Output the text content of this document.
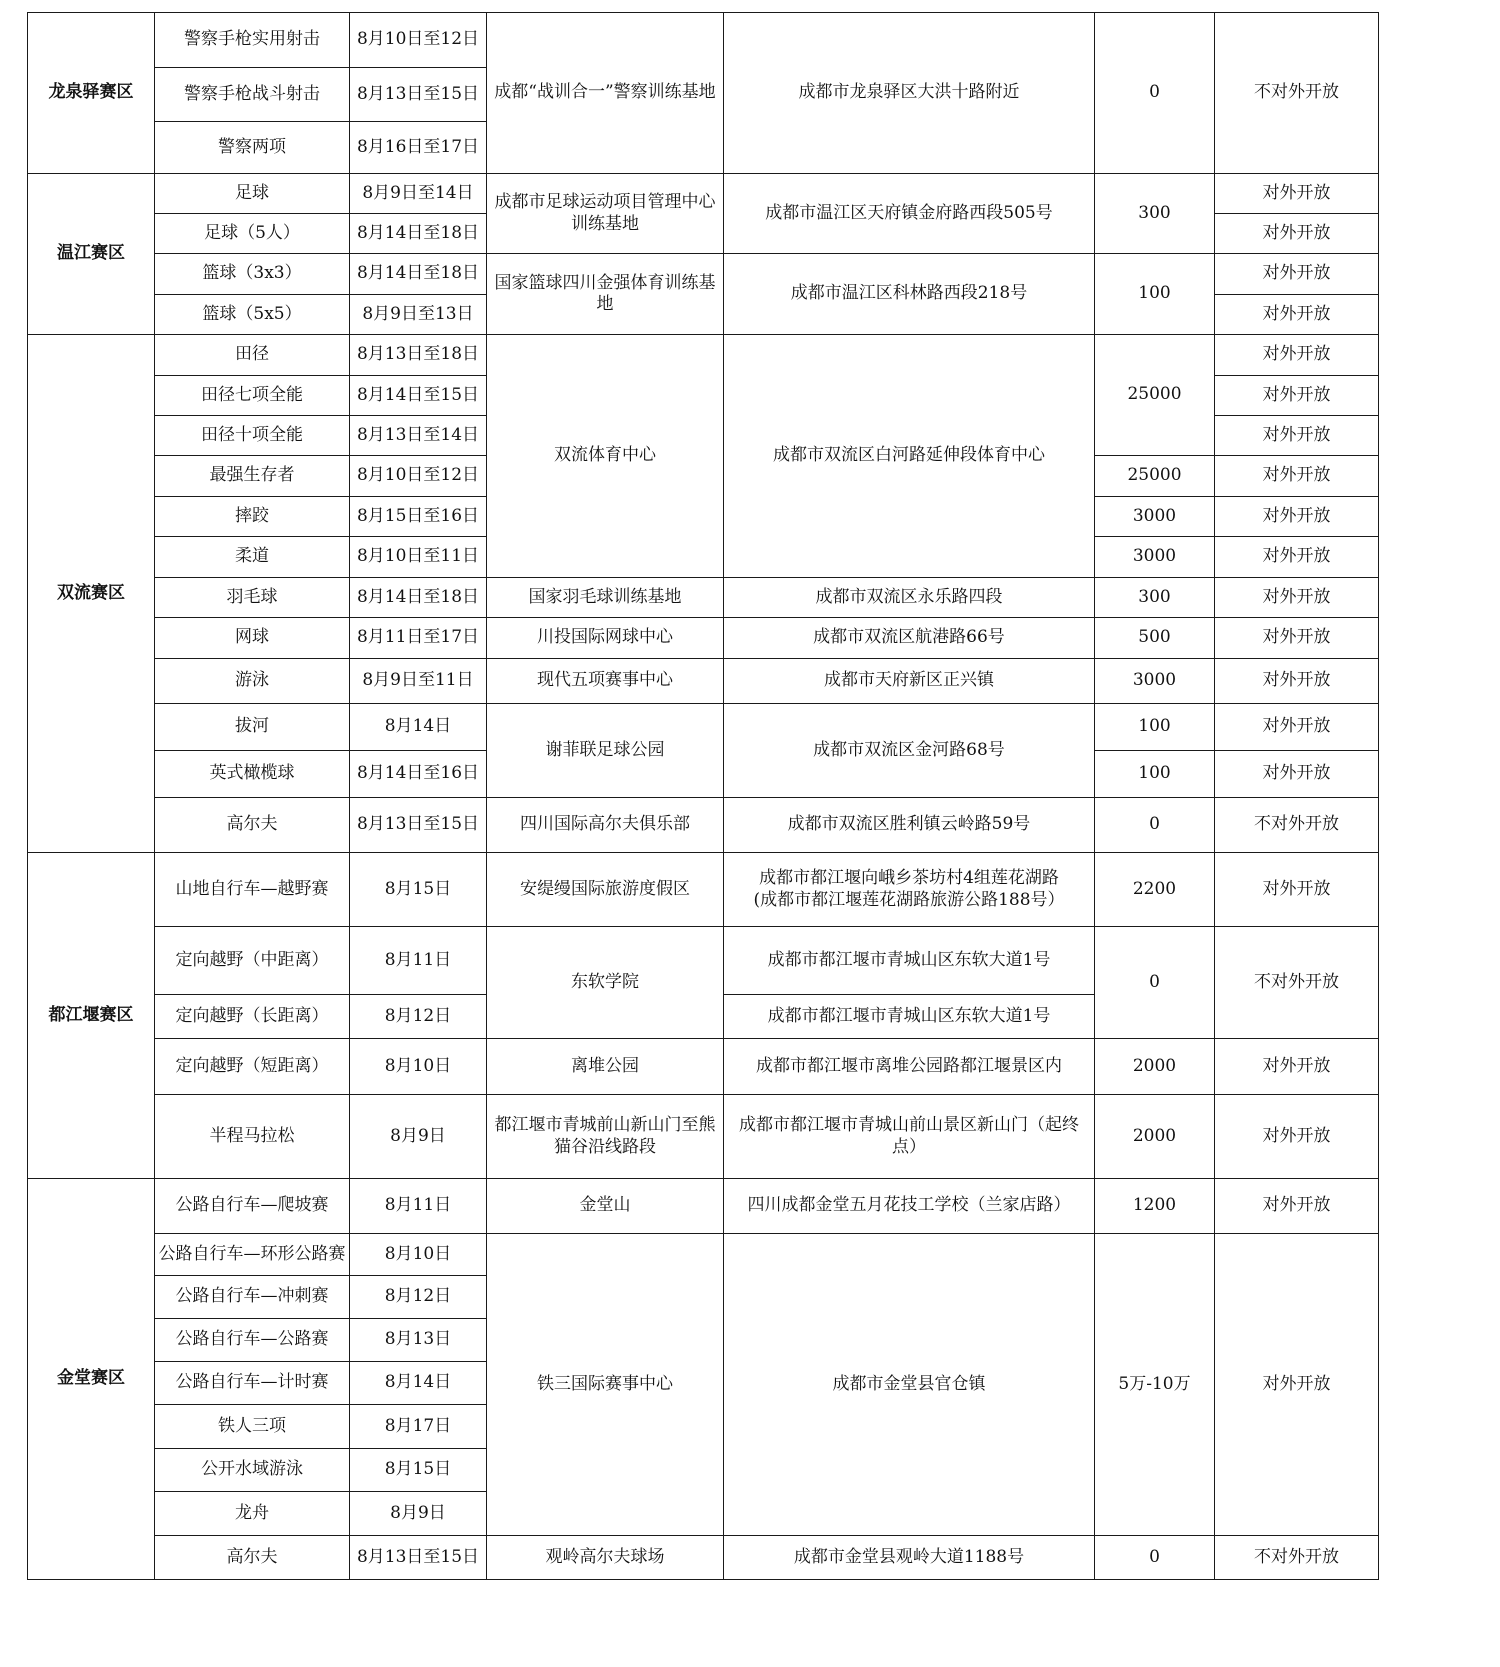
龙泉驿赛区	警察手枪实用射击	8月10日至12日	成都“战训合一”警察训练基地	成都市龙泉驿区大洪十路附近	0	不对外开放
	警察手枪战斗射击	8月13日至15日				
	警察两项	8月16日至17日				
温江赛区	足球	8月9日至14日	成都市足球运动项目管理中心训练基地	成都市温江区天府镇金府路西段505号	300	对外开放
	足球（5人）	8月14日至18日				对外开放
	篮球（3x3）	8月14日至18日	国家篮球四川金强体育训练基地	成都市温江区科林路西段218号	100	对外开放
	篮球（5x5）	8月9日至13日				对外开放
双流赛区	田径	8月13日至18日	双流体育中心	成都市双流区白河路延伸段体育中心	25000	对外开放
	田径七项全能	8月14日至15日				对外开放
	田径十项全能	8月13日至14日				对外开放
	最强生存者	8月10日至12日			25000	对外开放
	摔跤	8月15日至16日			3000	对外开放
	柔道	8月10日至11日			3000	对外开放
	羽毛球	8月14日至18日	国家羽毛球训练基地	成都市双流区永乐路四段	300	对外开放
	网球	8月11日至17日	川投国际网球中心	成都市双流区航港路66号	500	对外开放
	游泳	8月9日至11日	现代五项赛事中心	成都市天府新区正兴镇	3000	对外开放
	拔河	8月14日	谢菲联足球公园	成都市双流区金河路68号	100	对外开放
	英式橄榄球	8月14日至16日			100	对外开放
	高尔夫	8月13日至15日	四川国际高尔夫俱乐部	成都市双流区胜利镇云岭路59号	0	不对外开放
都江堰赛区	山地自行车—越野赛	8月15日	安缇缦国际旅游度假区	成都市都江堰向峨乡茶坊村4组莲花湖路(成都市都江堰莲花湖路旅游公路188号）	2200	对外开放
	定向越野（中距离）	8月11日	东软学院	成都市都江堰市青城山区东软大道1号	0	不对外开放
	定向越野（长距离）	8月12日		成都市都江堰市青城山区东软大道1号		
	定向越野（短距离）	8月10日	离堆公园	成都市都江堰市离堆公园路都江堰景区内	2000	对外开放
	半程马拉松	8月9日	都江堰市青城前山新山门至熊猫谷沿线路段	成都市都江堰市青城山前山景区新山门（起终点）	2000	对外开放
金堂赛区	公路自行车—爬坡赛	8月11日	金堂山	四川成都金堂五月花技工学校（兰家店路）	1200	对外开放
	公路自行车—环形公路赛	8月10日	铁三国际赛事中心	成都市金堂县官仓镇	5万-10万	对外开放
	公路自行车—冲刺赛	8月12日				
	公路自行车—公路赛	8月13日				
	公路自行车—计时赛	8月14日				
	铁人三项	8月17日				
	公开水域游泳	8月15日				
	龙舟	8月9日				
	高尔夫	8月13日至15日	观岭高尔夫球场	成都市金堂县观岭大道1188号	0	不对外开放
